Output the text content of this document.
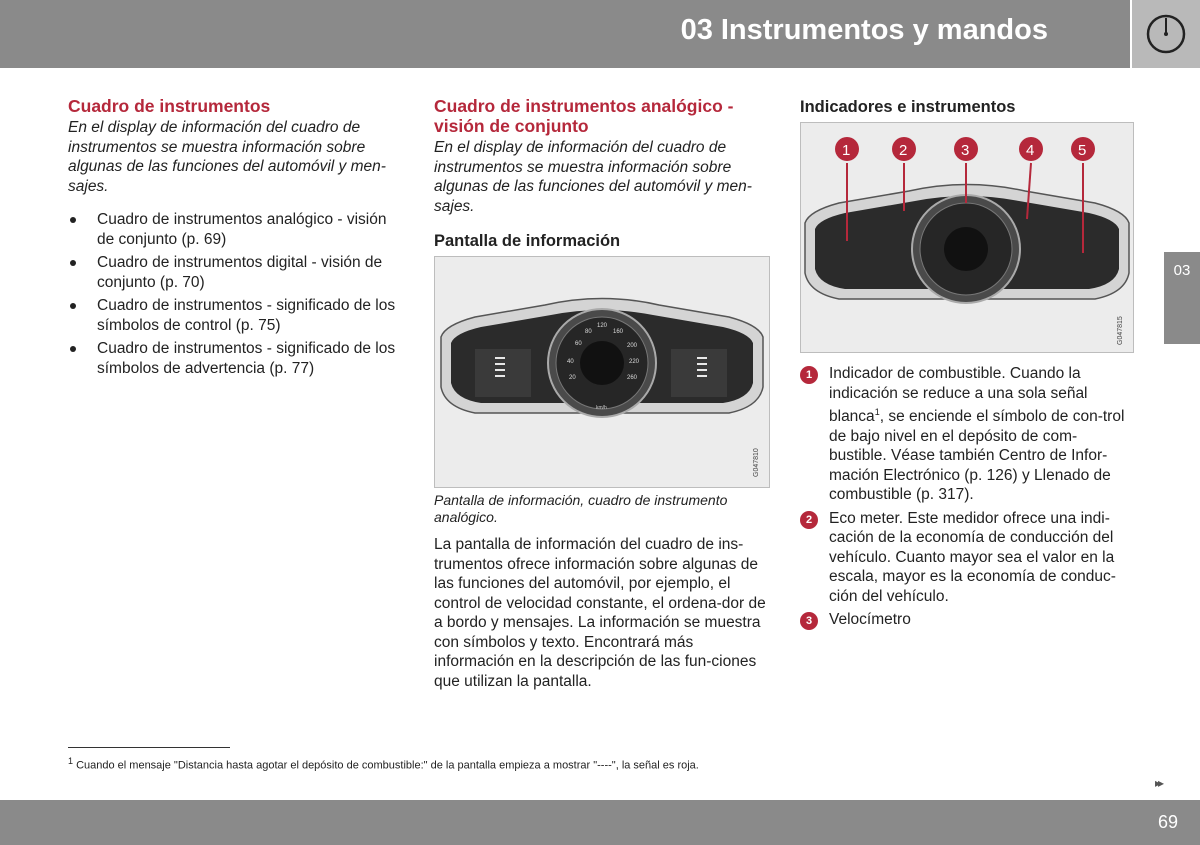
03 Instrumentos y mandos
03
Cuadro de instrumentos

En el display de información del cuadro de instrumentos se muestra información sobre algunas de las funciones del automóvil y men-sajes.

Cuadro de instrumentos analógico - visión de conjunto (p. 69)
Cuadro de instrumentos digital - visión de conjunto (p. 70)
Cuadro de instrumentos - significado de los símbolos de control (p. 75)
Cuadro de instrumentos - significado de los símbolos de advertencia (p. 77)
Cuadro de instrumentos analógico - visión de conjunto

En el display de información del cuadro de instrumentos se muestra información sobre algunas de las funciones del automóvil y men-sajes.

Pantalla de información
60
80
120
160
200
220
260
40
20
km/h
G047810

Pantalla de información, cuadro de instrumento analógico.

La pantalla de información del cuadro de ins-trumentos ofrece información sobre algunas de las funciones del automóvil, por ejemplo, el control de velocidad constante, el ordena-dor de a bordo y mensajes. La información se muestra con símbolos y texto. Encontrará más información en la descripción de las fun-ciones que utilizan la pantalla.

Indicadores e instrumentos
1	2	3	4	5
G047815
1	Indicador de combustible. Cuando la indicación se reduce a una sola señal blanca$^1$, se enciende el símbolo de con-trol de bajo nivel en el depósito de com-bustible. Véase también Centro de Infor-mación Electrónico (p. 126) y Llenado de combustible (p. 317).
2	Eco meter. Este medidor ofrece una indi-cación de la economía de conducción del vehículo. Cuanto mayor sea el valor en la escala, mayor es la economía de conduc-ción del vehículo.
3	Velocímetro
$^1$ Cuando el mensaje "Distancia hasta agotar el depósito de combustible:" de la pantalla empieza a mostrar "----", la señal es roja.
▸▸
69
